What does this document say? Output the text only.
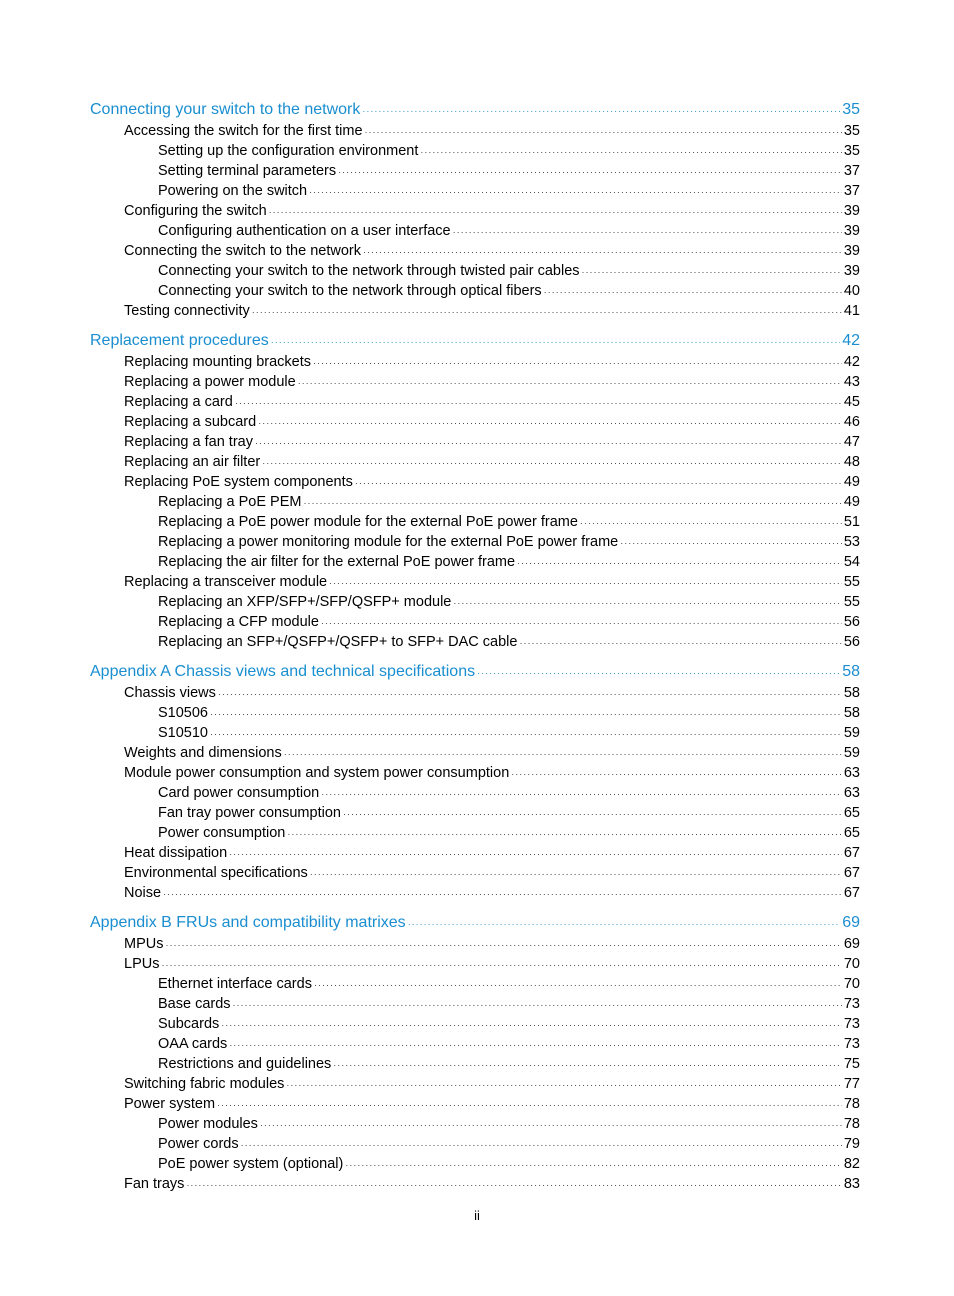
Connecting your switch to the network ·····	35
Accessing the switch for the first time ·····	35
Setting up the configuration environment ·····	35
Setting terminal parameters ·····	37
Powering on the switch ·····	37
Configuring the switch ·····	39
Configuring authentication on a user interface ·····	39
Connecting the switch to the network ·····	39
Connecting your switch to the network through twisted pair cables ·····	39
Connecting your switch to the network through optical fibers ·····	40
Testing connectivity ·····	41
Replacement procedures ·····	42
Replacing mounting brackets ·····	42
Replacing a power module ·····	43
Replacing a card ·····	45
Replacing a subcard ·····	46
Replacing a fan tray ·····	47
Replacing an air filter ·····	48
Replacing PoE system components ·····	49
Replacing a PoE PEM ·····	49
Replacing a PoE power module for the external PoE power frame ·····	51
Replacing a power monitoring module for the external PoE power frame ·····	53
Replacing the air filter for the external PoE power frame ·····	54
Replacing a transceiver module ·····	55
Replacing an XFP/SFP+/SFP/QSFP+ module ·····	55
Replacing a CFP module ·····	56
Replacing an SFP+/QSFP+/QSFP+ to SFP+ DAC cable ·····	56
Appendix A Chassis views and technical specifications ·····	58
Chassis views ·····	58
S10506 ·····	58
S10510 ·····	59
Weights and dimensions ·····	59
Module power consumption and system power consumption ·····	63
Card power consumption ·····	63
Fan tray power consumption ·····	65
Power consumption ·····	65
Heat dissipation ·····	67
Environmental specifications ·····	67
Noise ·····	67
Appendix B FRUs and compatibility matrixes ·····	69
MPUs ·····	69
LPUs ·····	70
Ethernet interface cards ·····	70
Base cards ·····	73
Subcards ·····	73
OAA cards ·····	73
Restrictions and guidelines ·····	75
Switching fabric modules ·····	77
Power system ·····	78
Power modules ·····	78
Power cords ·····	79
PoE power system (optional) ·····	82
Fan trays ·····	83
ii
